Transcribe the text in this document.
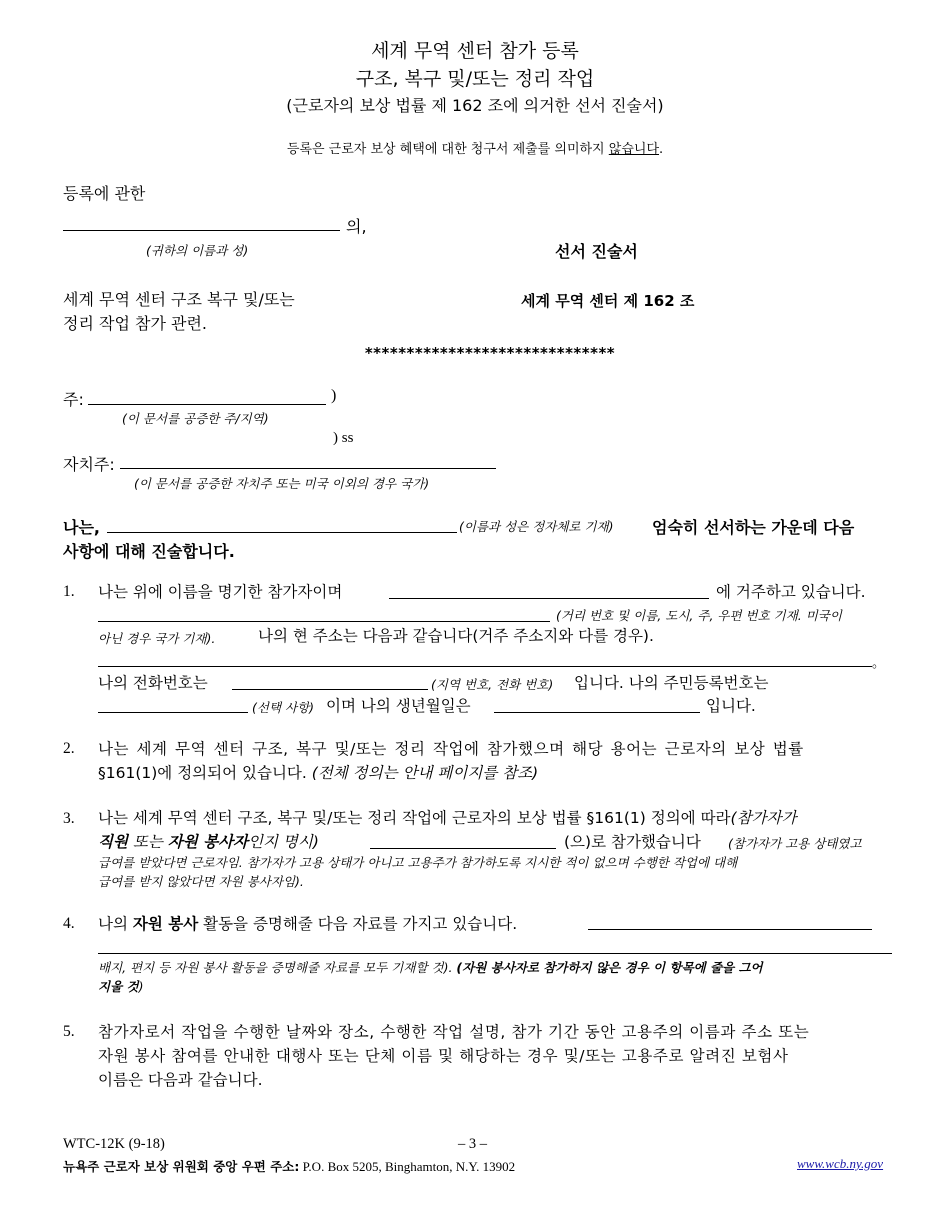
세계 무역 센터 참가 등록
구조, 복구 및/또는 정리 작업
(근로자의 보상 법률 제 162 조에 의거한 선서 진술서)
등록은 근로자 보상 혜택에 대한 청구서 제출를 의미하지 않습니다.
등록에 관한
의,
(귀하의 이름과 성)	선서 진술서
세계 무역 센터 구조 복구 및/또는
정리 작업 참가 관련.
세계 무역 센터 제 162 조
******************************
주:	)
(이 문서를 공증한 주/지역)
) ss
자치주:
(이 문서를 공증한 자치주 또는 미국 이외의 경우 국가)
나는,	(이름과 성은 정자체로 기재) 엄숙히 선서하는 가운데 다음
사항에 대해 진술합니다.
1. 나는 위에 이름을 명기한 참가자이며	에 거주하고 있습니다.
(거리 번호 및 이름, 도시, 주, 우편 번호 기재. 미국이
아닌 경우 국가 기재).	나의 현 주소는 다음과 같습니다(거주 주소지와 다를 경우).
。
나의 전화번호는	(지역 번호, 전화 번호) 입니다. 나의 주민등록번호는
(선택 사항) 이며 나의 생년월일은	입니다.
2. 나는 세계 무역 센터 구조, 복구 및/또는 정리 작업에 참가했으며 해당 용어는 근로자의 보상 법률
§161(1)에 정의되어 있습니다. (전체 정의는 안내 페이지를 참조)
3. 나는 세계 무역 센터 구조, 복구 및/또는 정리 작업에 근로자의 보상 법률 §161(1) 정의에 따라(참가자가
직원 또는 자원 봉사자인지 명시)	(으)로 참가했습니다 (참가자가 고용 상태였고
급여를 받았다면 근로자임. 참가자가 고용 상태가 아니고 고용주가 참가하도록 지시한 적이 없으며 수행한 작업에 대해
급여를 받지 않았다면 자원 봉사자임).
4. 나의 자원 봉사 활동을 증명해줄 다음 자료를 가지고 있습니다.
배지, 편지 등 자원 봉사 활동을 증명해줄 자료를 모두 기재할 것). (자원 봉사자로 참가하지 않은 경우 이 항목에 줄을 그어
지울 것)
5. 참가자로서 작업을 수행한 날짜와 장소, 수행한 작업 설명, 참가 기간 동안 고용주의 이름과 주소 또는
자원 봉사 참여를 안내한 대행사 또는 단체 이름 및 해당하는 경우 및/또는 고용주로 알려진 보험사
이름은 다음과 같습니다.
WTC-12K (9-18)	– 3 –
뉴욕주 근로자 보상 위원회 중앙 우편 주소: P.O. Box 5205, Binghamton, N.Y. 13902	www.wcb.ny.gov
